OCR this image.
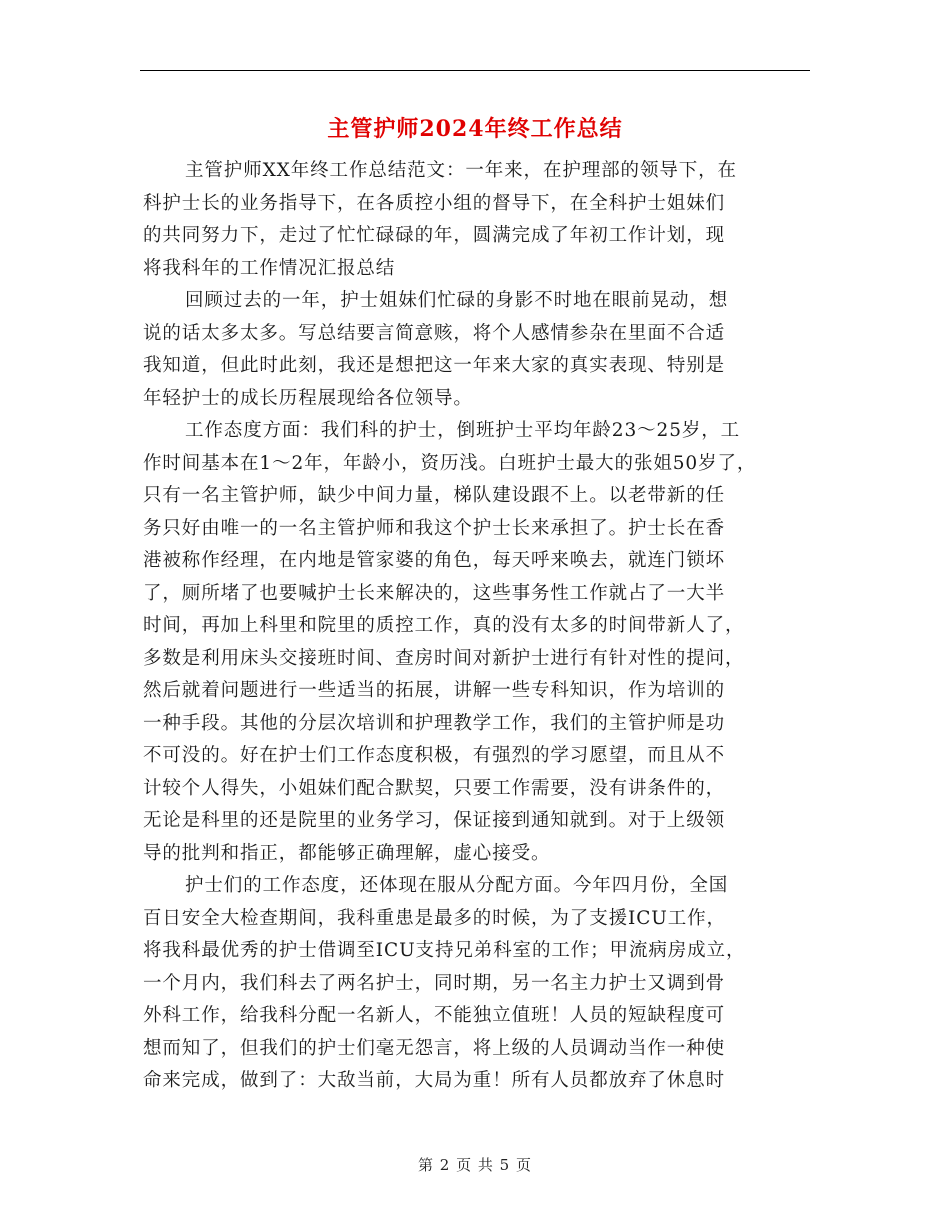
主管护师2024年终工作总结
主管护师XX年终工作总结范文：一年来，在护理部的领导下，在
科护士长的业务指导下，在各质控小组的督导下，在全科护士姐妹们
的共同努力下，走过了忙忙碌碌的年，圆满完成了年初工作计划，现
将我科年的工作情况汇报总结
回顾过去的一年，护士姐妹们忙碌的身影不时地在眼前晃动，想
说的话太多太多。写总结要言简意赅，将个人感情参杂在里面不合适
我知道，但此时此刻，我还是想把这一年来大家的真实表现、特别是
年轻护士的成长历程展现给各位领导。
工作态度方面：我们科的护士，倒班护士平均年龄23～25岁，工
作时间基本在1～2年，年龄小，资历浅。白班护士最大的张姐50岁了，
只有一名主管护师，缺少中间力量，梯队建设跟不上。以老带新的任
务只好由唯一的一名主管护师和我这个护士长来承担了。护士长在香
港被称作经理，在内地是管家婆的角色，每天呼来唤去，就连门锁坏
了，厕所堵了也要喊护士长来解决的，这些事务性工作就占了一大半
时间，再加上科里和院里的质控工作，真的没有太多的时间带新人了，
多数是利用床头交接班时间、查房时间对新护士进行有针对性的提问，
然后就着问题进行一些适当的拓展，讲解一些专科知识，作为培训的
一种手段。其他的分层次培训和护理教学工作，我们的主管护师是功
不可没的。好在护士们工作态度积极，有强烈的学习愿望，而且从不
计较个人得失，小姐妹们配合默契，只要工作需要，没有讲条件的，
无论是科里的还是院里的业务学习，保证接到通知就到。对于上级领
导的批判和指正，都能够正确理解，虚心接受。
护士们的工作态度，还体现在服从分配方面。今年四月份，全国
百日安全大检查期间，我科重患是最多的时候，为了支援ICU工作，
将我科最优秀的护士借调至ICU支持兄弟科室的工作；甲流病房成立，
一个月内，我们科去了两名护士，同时期，另一名主力护士又调到骨
外科工作，给我科分配一名新人，不能独立值班！人员的短缺程度可
想而知了，但我们的护士们毫无怨言，将上级的人员调动当作一种使
命来完成，做到了：大敌当前，大局为重！所有人员都放弃了休息时
第 2 页 共 5 页
